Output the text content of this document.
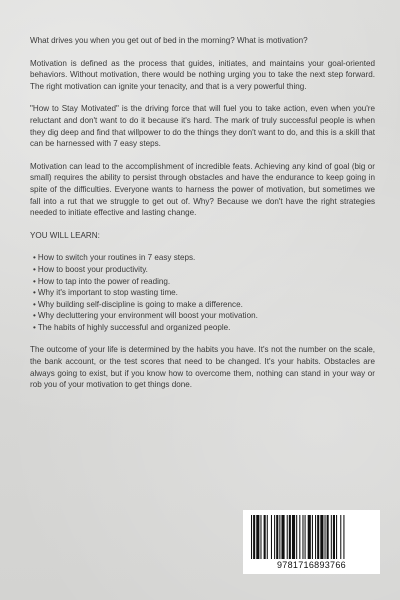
What drives you when you get out of bed in the morning? What is motivation?

Motivation is defined as the process that guides, initiates, and maintains your goal-oriented behaviors. Without motivation, there would be nothing urging you to take the next step forward. The right motivation can ignite your tenacity, and that is a very powerful thing.

"How to Stay Motivated" is the driving force that will fuel you to take action, even when you're reluctant and don't want to do it because it's hard. The mark of truly successful people is when they dig deep and find that willpower to do the things they don't want to do, and this is a skill that can be harnessed with 7 easy steps.

Motivation can lead to the accomplishment of incredible feats. Achieving any kind of goal (big or small) requires the ability to persist through obstacles and have the endurance to keep going in spite of the difficulties. Everyone wants to harness the power of motivation, but sometimes we fall into a rut that we struggle to get out of. Why? Because we don't have the right strategies needed to initiate effective and lasting change.

YOU WILL LEARN:

• How to switch your routines in 7 easy steps.
• How to boost your productivity.
• How to tap into the power of reading.
• Why it's important to stop wasting time.
• Why building self-discipline is going to make a difference.
• Why decluttering your environment will boost your motivation.
• The habits of highly successful and organized people.

The outcome of your life is determined by the habits you have. It's not the number on the scale, the bank account, or the test scores that need to be changed. It's your habits. Obstacles are always going to exist, but if you know how to overcome them, nothing can stand in your way or rob you of your motivation to get things done.

9781716893766
